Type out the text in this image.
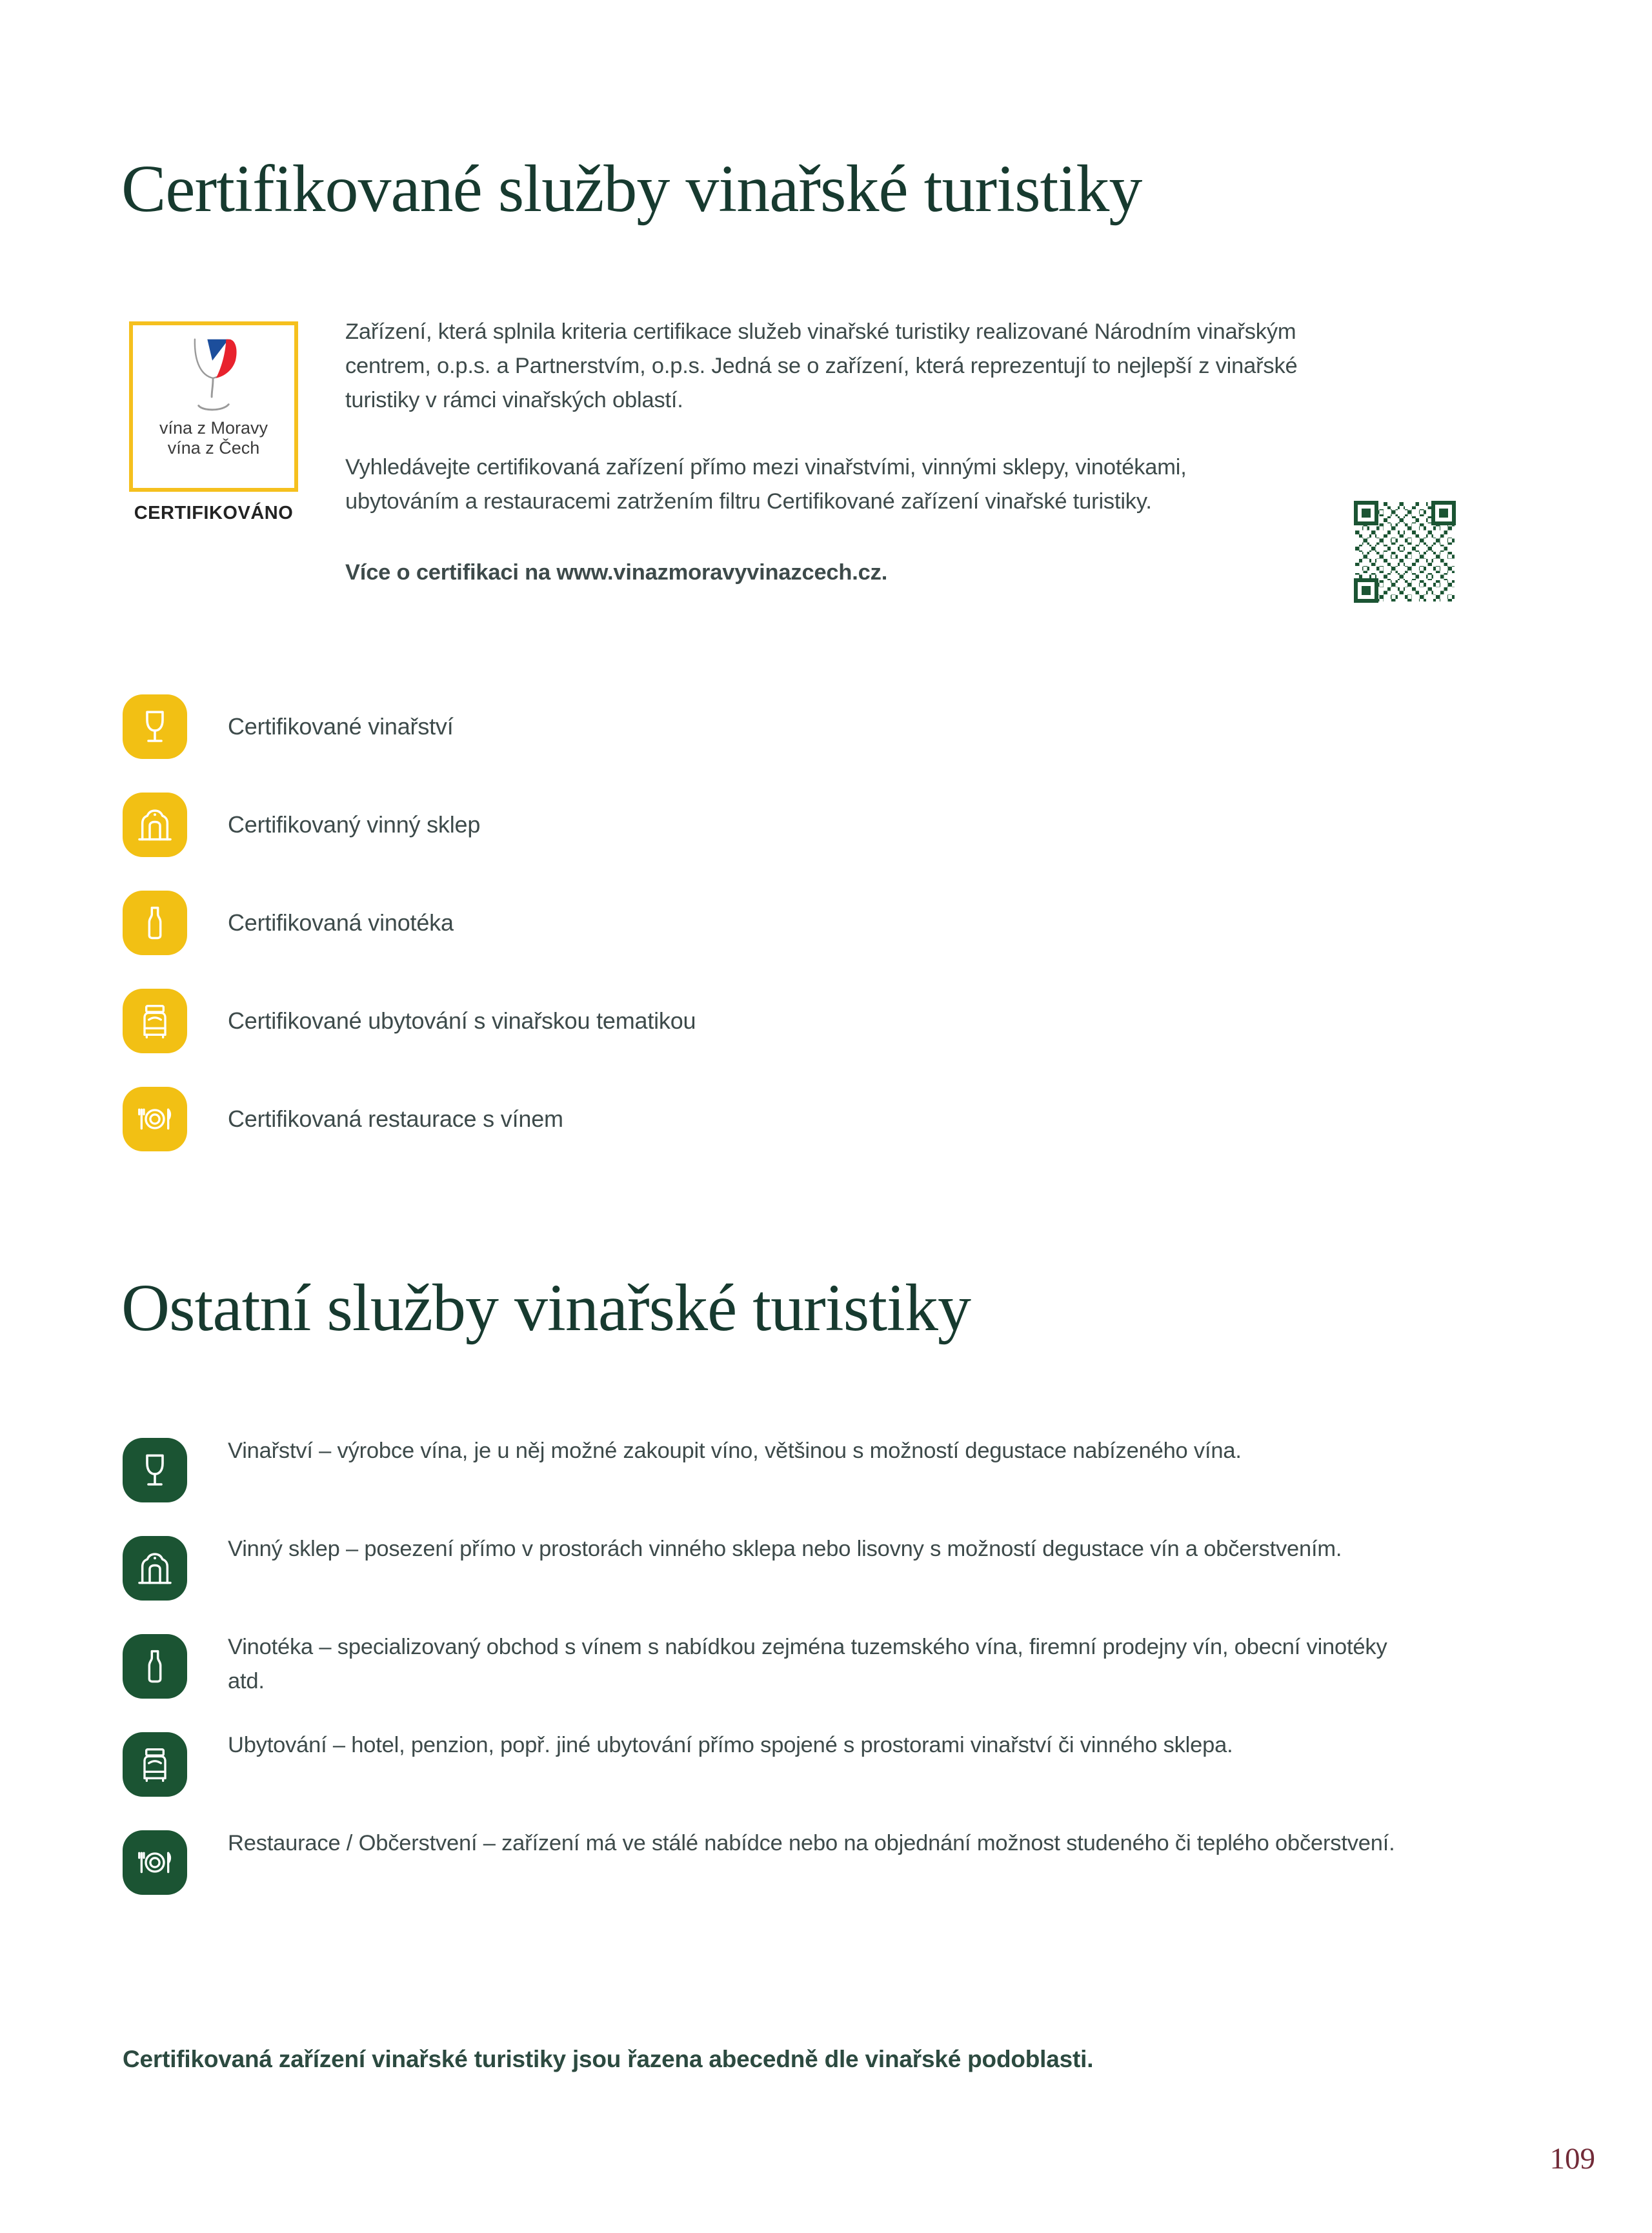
Certifikované služby vinařské turistiky
vína z Moravy
vína z Čech
CERTIFIKOVÁNO

Zařízení, která splnila kriteria certifikace služeb vinařské turistiky realizované Národním vinařským centrem, o.p.s. a Partnerstvím, o.p.s. Jedná se o zařízení, která reprezentují to nejlepší z vinařské turistiky v rámci vinařských oblastí.

Vyhledávejte certifikovaná zařízení přímo mezi vinařstvími, vinnými sklepy, vinotékami, ubytováním a restauracemi zatržením filtru Certifikované zařízení vinařské turistiky.

Více o certifikaci na www.vinazmoravyvinazcech.cz.

Certifikované vinařství
Certifikovaný vinný sklep
Certifikovaná vinotéka
Certifikované ubytování s vinařskou tematikou
Certifikovaná restaurace s vínem
Ostatní služby vinařské turistiky
Vinařství – výrobce vína, je u něj možné zakoupit víno, většinou s možností degustace nabízeného vína.
Vinný sklep – posezení přímo v prostorách vinného sklepa nebo lisovny s možností degustace vín a občerstvením.
Vinotéka – specializovaný obchod s vínem s nabídkou zejména tuzemského vína, firemní prodejny vín, obecní vinotéky atd.
Ubytování – hotel, penzion, popř. jiné ubytování přímo spojené s prostorami vinařství či vinného sklepa.
Restaurace / Občerstvení – zařízení má ve stálé nabídce nebo na objednání možnost studeného či teplého občerstvení.
Certifikovaná zařízení vinařské turistiky jsou řazena abecedně dle vinařské podoblasti.
109
